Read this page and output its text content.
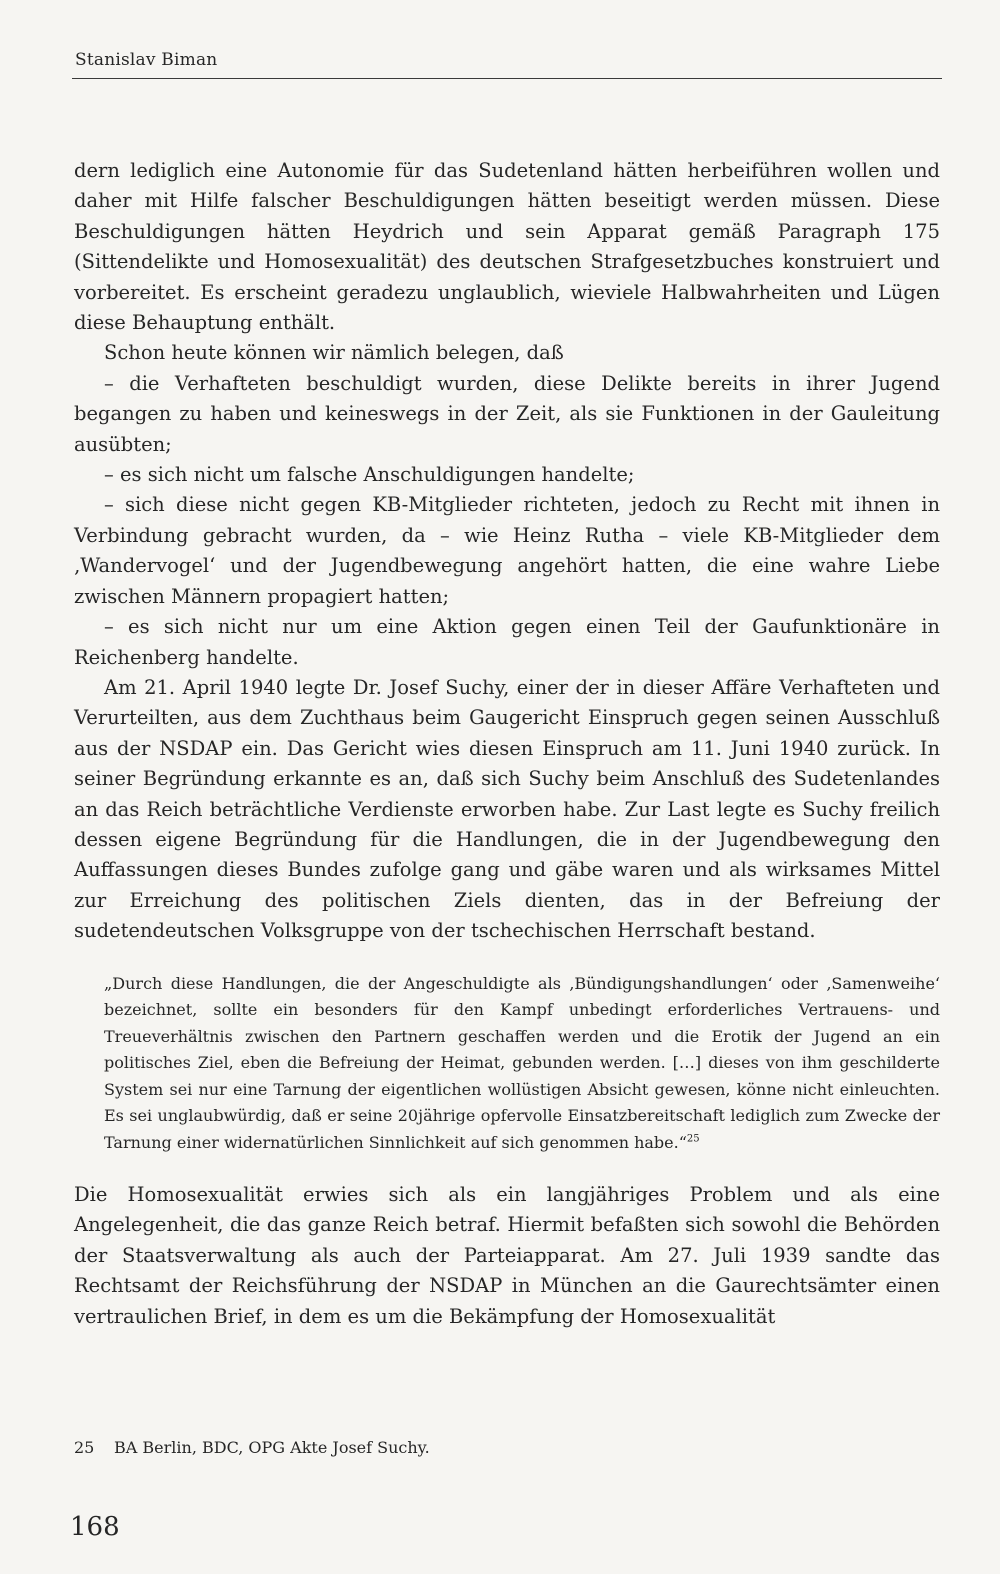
Stanislav Biman

dern lediglich eine Autonomie für das Sudetenland hätten herbeiführen wollen und daher mit Hilfe falscher Beschuldigungen hätten beseitigt werden müssen. Diese Beschuldigungen hätten Heydrich und sein Apparat gemäß Paragraph 175 (Sittendelikte und Homosexualität) des deutschen Strafgesetzbuches konstruiert und vorbereitet. Es erscheint geradezu unglaublich, wieviele Halbwahrheiten und Lügen diese Behauptung enthält.

Schon heute können wir nämlich belegen, daß

– die Verhafteten beschuldigt wurden, diese Delikte bereits in ihrer Jugend begangen zu haben und keineswegs in der Zeit, als sie Funktionen in der Gauleitung ausübten;

– es sich nicht um falsche Anschuldigungen handelte;

– sich diese nicht gegen KB-Mitglieder richteten, jedoch zu Recht mit ihnen in Verbindung gebracht wurden, da – wie Heinz Rutha – viele KB-Mitglieder dem ‚Wandervogel‘ und der Jugendbewegung angehört hatten, die eine wahre Liebe zwischen Männern propagiert hatten;

– es sich nicht nur um eine Aktion gegen einen Teil der Gaufunktionäre in Reichenberg handelte.

Am 21. April 1940 legte Dr. Josef Suchy, einer der in dieser Affäre Verhafteten und Verurteilten, aus dem Zuchthaus beim Gaugericht Einspruch gegen seinen Ausschluß aus der NSDAP ein. Das Gericht wies diesen Einspruch am 11. Juni 1940 zurück. In seiner Begründung erkannte es an, daß sich Suchy beim Anschluß des Sudetenlandes an das Reich beträchtliche Verdienste erworben habe. Zur Last legte es Suchy freilich dessen eigene Begründung für die Handlungen, die in der Jugendbewegung den Auffassungen dieses Bundes zufolge gang und gäbe waren und als wirksames Mittel zur Erreichung des politischen Ziels dienten, das in der Befreiung der sudetendeutschen Volksgruppe von der tschechischen Herrschaft bestand.

„Durch diese Handlungen, die der Angeschuldigte als ‚Bündigungshandlungen‘ oder ‚Samenweihe‘ bezeichnet, sollte ein besonders für den Kampf unbedingt erforderliches Vertrauens- und Treueverhältnis zwischen den Partnern geschaffen werden und die Erotik der Jugend an ein politisches Ziel, eben die Befreiung der Heimat, gebunden werden. […] dieses von ihm geschilderte System sei nur eine Tarnung der eigentlichen wollüstigen Absicht gewesen, könne nicht einleuchten. Es sei unglaubwürdig, daß er seine 20jährige opfervolle Einsatzbereitschaft lediglich zum Zwecke der Tarnung einer widernatürlichen Sinnlichkeit auf sich genommen habe.“$^{25}$

Die Homosexualität erwies sich als ein langjähriges Problem und als eine Angelegenheit, die das ganze Reich betraf. Hiermit befaßten sich sowohl die Behörden der Staatsverwaltung als auch der Parteiapparat. Am 27. Juli 1939 sandte das Rechtsamt der Reichsführung der NSDAP in München an die Gaurechtsämter einen vertraulichen Brief, in dem es um die Bekämpfung der Homosexualität

25 BA Berlin, BDC, OPG Akte Josef Suchy.
168
